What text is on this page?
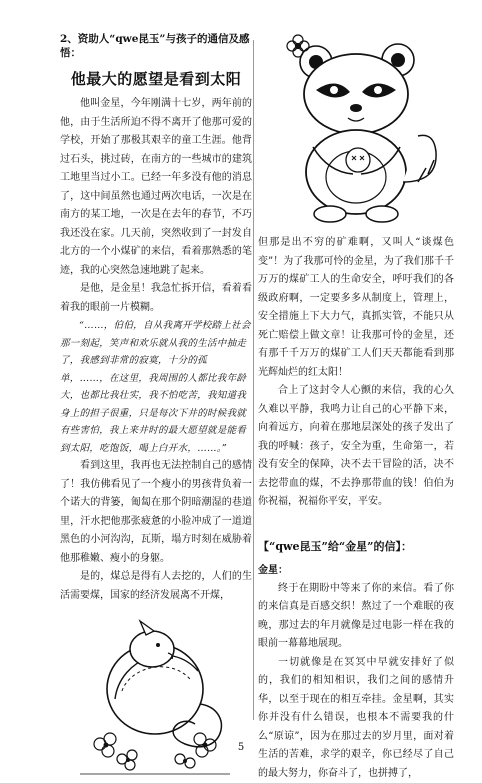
2、资助人“qwe昆玉”与孩子的通信及感悟：

他最大的愿望是看到太阳

他叫金星，今年刚满十七岁，两年前的他，由于生活所迫不得不离开了他那可爱的学校，开始了那极其艰辛的童工生涯。他背过石头，挑过砖，在南方的一些城市的建筑工地里当过小工。已经一年多没有他的消息了，这中间虽然也通过两次电话，一次是在南方的某工地，一次是在去年的春节，不巧我还没在家。几天前，突然收到了一封发自北方的一个小煤矿的来信，看着那熟悉的笔迹，我的心突然急速地跳了起来。

是他，是金星！我急忙拆开信，看着看着我的眼前一片模糊。

“……，伯伯，自从我离开学校踏上社会那一刻起，笑声和欢乐就从我的生活中抽走了，我感到非常的寂寞，十分的孤单，……，在这里，我周围的人都比我年龄大，也都比我壮实，我不怕吃苦，我知道我身上的担子很重，只是每次下井的时候我就有些害怕，我上来井时的最大愿望就是能看到太阳，吃饱饭，喝上白开水，……。”

看到这里，我再也无法控制自己的感情了！我仿佛看见了一个瘦小的男孩背负着一个诺大的背篓，匍匐在那个阴暗潮湿的巷道里，汗水把他那张疲惫的小脸冲成了一道道黑色的小河沟沟，瓦斯，塌方时刻在威胁着他那稚嫩、瘦小的身躯。

是的，煤总是得有人去挖的，人们的生活需要煤，国家的经济发展离不开煤，

但那是出不穷的矿难啊，又叫人“谈煤色变”！为了我那可怜的金星，为了我们那千千万万的煤矿工人的生命安全，呼吁我们的各级政府啊，一定要多多从制度上，管理上，安全措施上下大力气，真抓实管，不能只从死亡赔偿上做文章！让我那可怜的金星，还有那千千万万的煤矿工人们天天都能看到那光辉灿烂的红太阳！

合上了这封令人心颤的来信，我的心久久难以平静，我鸣力让自己的心平静下来，向着远方，向着在那地层深处的孩子发出了我的呼喊：孩子，安全为重，生命第一，若没有安全的保障，决不去干冒险的活，决不去挖带血的煤，不去挣那带血的钱！伯伯为你祝福，祝福你平安，平安。

【“qwe昆玉”给“金星”的信】：

金星：

终于在期盼中等来了你的来信。看了你的来信真是百感交织！熬过了一个难眠的夜晚，那过去的年月就像是过电影一样在我的眼前一幕幕地展现。

一切就像是在冥冥中早就安排好了似的，我们的相知相识，我们之间的感情升华，以至于现在的相互牵挂。金星啊，其实你并没有什么错误，也根本不需要我的什么“原谅”，因为在那过去的岁月里，面对着生活的苦难，求学的艰辛，你已经尽了自己的最大努力，你奋斗了，也拼搏了，

5
